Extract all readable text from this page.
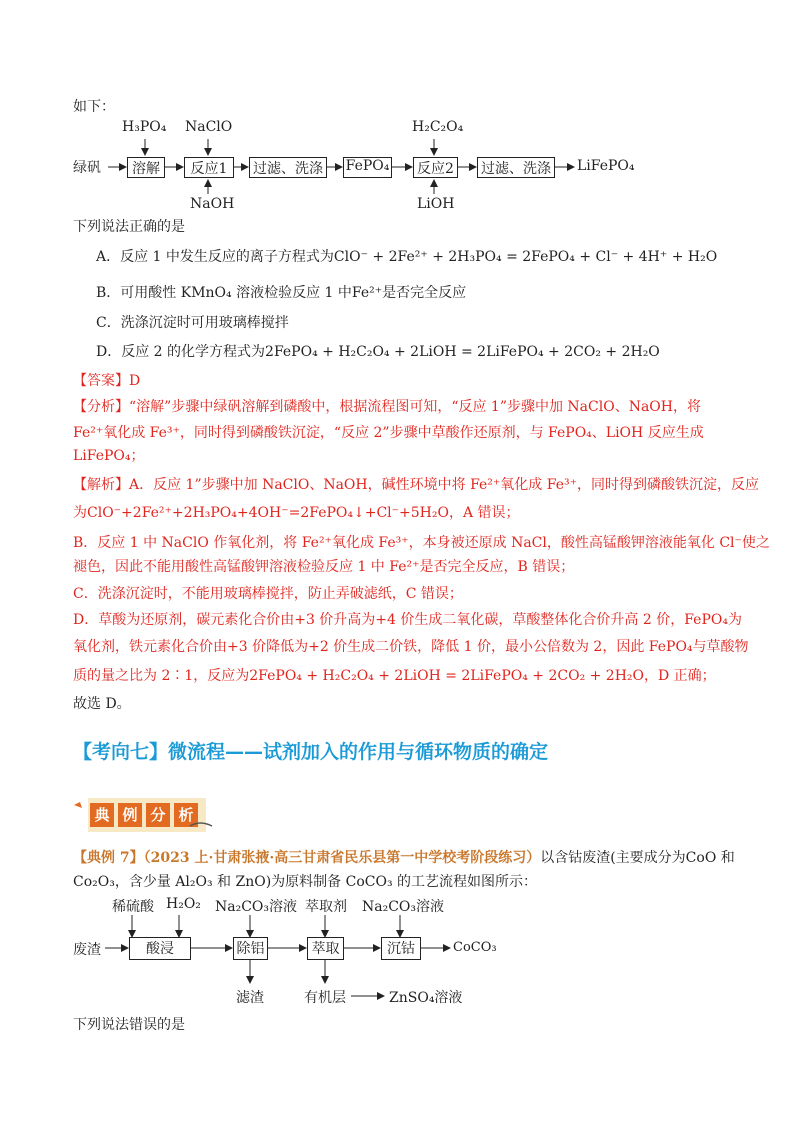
如下：
绿矾	溶解	反应1	过滤、洗涤 FePO₄ 反应2 过滤、洗涤 LiFePO₄
H₃PO₄ NaClO	H₂C₂O₄
NaOH	LiOH
下列说法正确的是
A．反应 1 中发生反应的离子方程式为ClO⁻ + 2Fe²⁺ + 2H₃PO₄ = 2FePO₄ + Cl⁻ + 4H⁺ + H₂O
B．可用酸性 KMnO₄ 溶液检验反应 1 中Fe²⁺是否完全反应
C．洗涤沉淀时可用玻璃棒搅拌
D．反应 2 的化学方程式为2FePO₄ + H₂C₂O₄ + 2LiOH = 2LiFePO₄ + 2CO₂ + 2H₂O
【答案】D
【分析】“溶解”步骤中绿矾溶解到磷酸中，根据流程图可知，“反应 1”步骤中加 NaClO、NaOH，将
Fe²⁺氧化成 Fe³⁺，同时得到磷酸铁沉淀，“反应 2”步骤中草酸作还原剂，与 FePO₄、LiOH 反应生成
LiFePO₄；
【解析】A．反应 1”步骤中加 NaClO、NaOH，碱性环境中将 Fe²⁺氧化成 Fe³⁺，同时得到磷酸铁沉淀，反应
为ClO⁻+2Fe²⁺+2H₃PO₄+4OH⁻=2FePO₄↓+Cl⁻+5H₂O，A 错误；
B．反应 1 中 NaClO 作氧化剂，将 Fe²⁺氧化成 Fe³⁺，本身被还原成 NaCl，酸性高锰酸钾溶液能氧化 Cl⁻使之
褪色，因此不能用酸性高锰酸钾溶液检验反应 1 中 Fe²⁺是否完全反应，B 错误；
C．洗涤沉淀时，不能用玻璃棒搅拌，防止弄破滤纸，C 错误；
D．草酸为还原剂，碳元素化合价由+3 价升高为+4 价生成二氧化碳，草酸整体化合价升高 2 价，FePO₄为
氧化剂，铁元素化合价由+3 价降低为+2 价生成二价铁，降低 1 价，最小公倍数为 2，因此 FePO₄与草酸物
质的量之比为 2∶1，反应为2FePO₄ + H₂C₂O₄ + 2LiOH = 2LiFePO₄ + 2CO₂ + 2H₂O，D 正确；
故选 D。
【考向七】微流程——试剂加入的作用与循环物质的确定
典 例 分 析
【典例 7】（2023 上·甘肃张掖·高三甘肃省民乐县第一中学校考阶段练习）以含钴废渣(主要成分为CoO 和
Co₂O₃，含少量 Al₂O₃ 和 ZnO)为原料制备 CoCO₃ 的工艺流程如图所示：
废渣	酸浸	除铝	萃取	沉钴	CoCO₃
稀硫酸 H₂O₂ Na₂CO₃溶液 萃取剂 Na₂CO₃溶液
滤渣	有机层	ZnSO₄溶液
下列说法错误的是
